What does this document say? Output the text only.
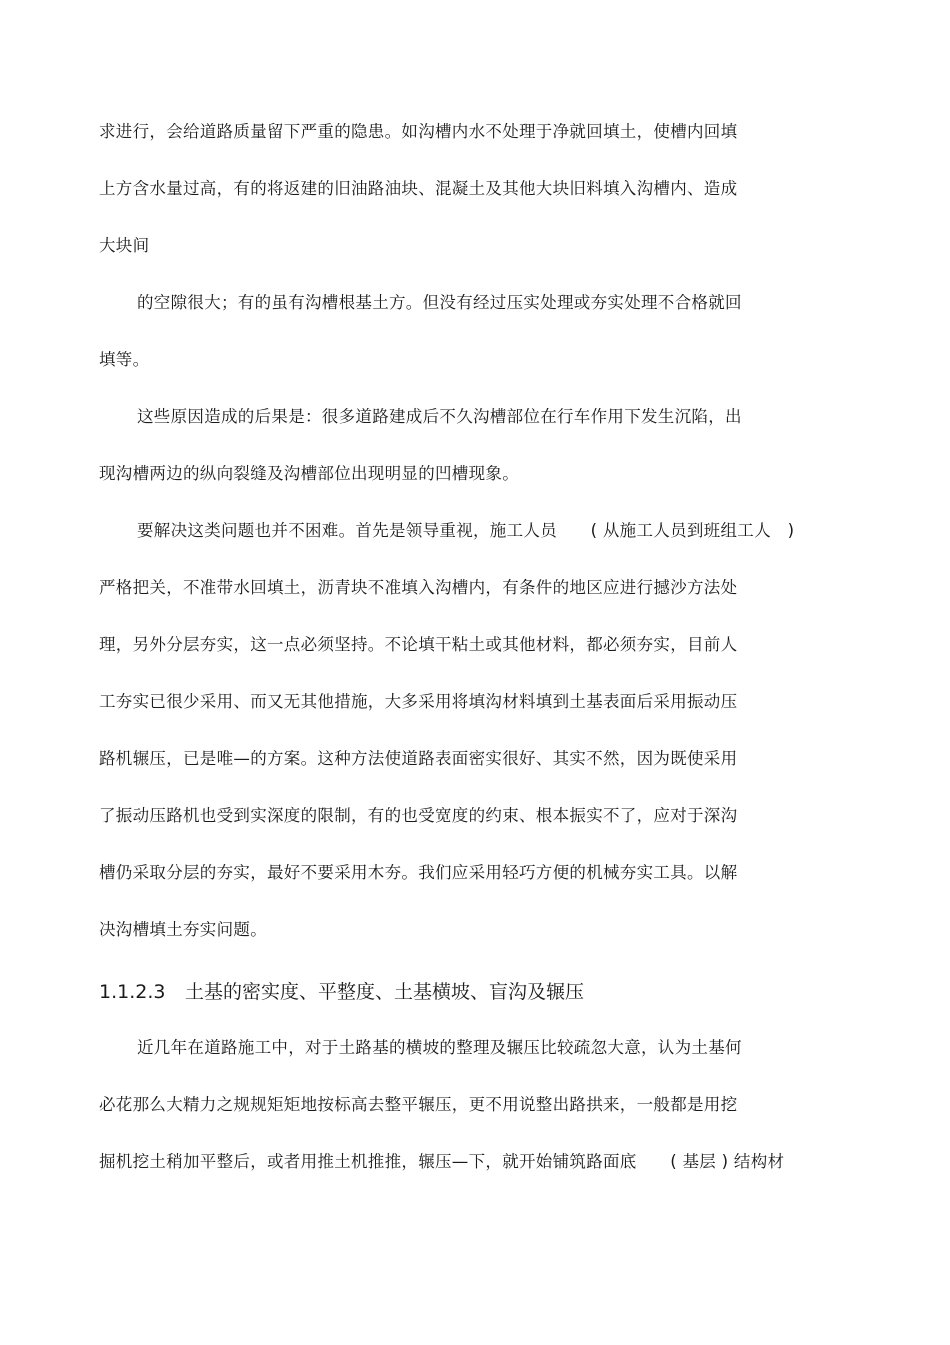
求进行，会给道路质量留下严重的隐患。如沟槽内水不处理于净就回填土，使槽内回填
上方含水量过高，有的将返建的旧油路油块、混凝土及其他大块旧料填入沟槽内、造成
大块间
的空隙很大；有的虽有沟槽根基土方。但没有经过压实处理或夯实处理不合格就回
填等。
这些原因造成的后果是：很多道路建成后不久沟槽部位在行车作用下发生沉陷，出
现沟槽两边的纵向裂缝及沟槽部位出现明显的凹槽现象。
要解决这类问题也并不困难。首先是领导重视，施工人员　　( 从施工人员到班组工人　)
严格把关，不准带水回填土，沥青块不准填入沟槽内，有条件的地区应进行撼沙方法处
理，另外分层夯实，这一点必须坚持。不论填干粘土或其他材料，都必须夯实，目前人
工夯实已很少采用、而又无其他措施，大多采用将填沟材料填到土基表面后采用振动压
路机辗压，已是唯—的方案。这种方法使道路表面密实很好、其实不然，因为既使采用
了振动压路机也受到实深度的限制，有的也受宽度的约束、根本振实不了，应对于深沟
槽仍采取分层的夯实，最好不要采用木夯。我们应采用轻巧方便的机械夯实工具。以解
决沟槽填土夯实问题。
1.1.2.3 土基的密实度、平整度、土基横坡、盲沟及辗压
近几年在道路施工中，对于土路基的横坡的整理及辗压比较疏忽大意，认为土基何
必花那么大精力之规规矩矩地按标高去整平辗压，更不用说整出路拱来，一般都是用挖
掘机挖土稍加平整后，或者用推土机推推，辗压—下，就开始铺筑路面底　　( 基层 ) 结构材
